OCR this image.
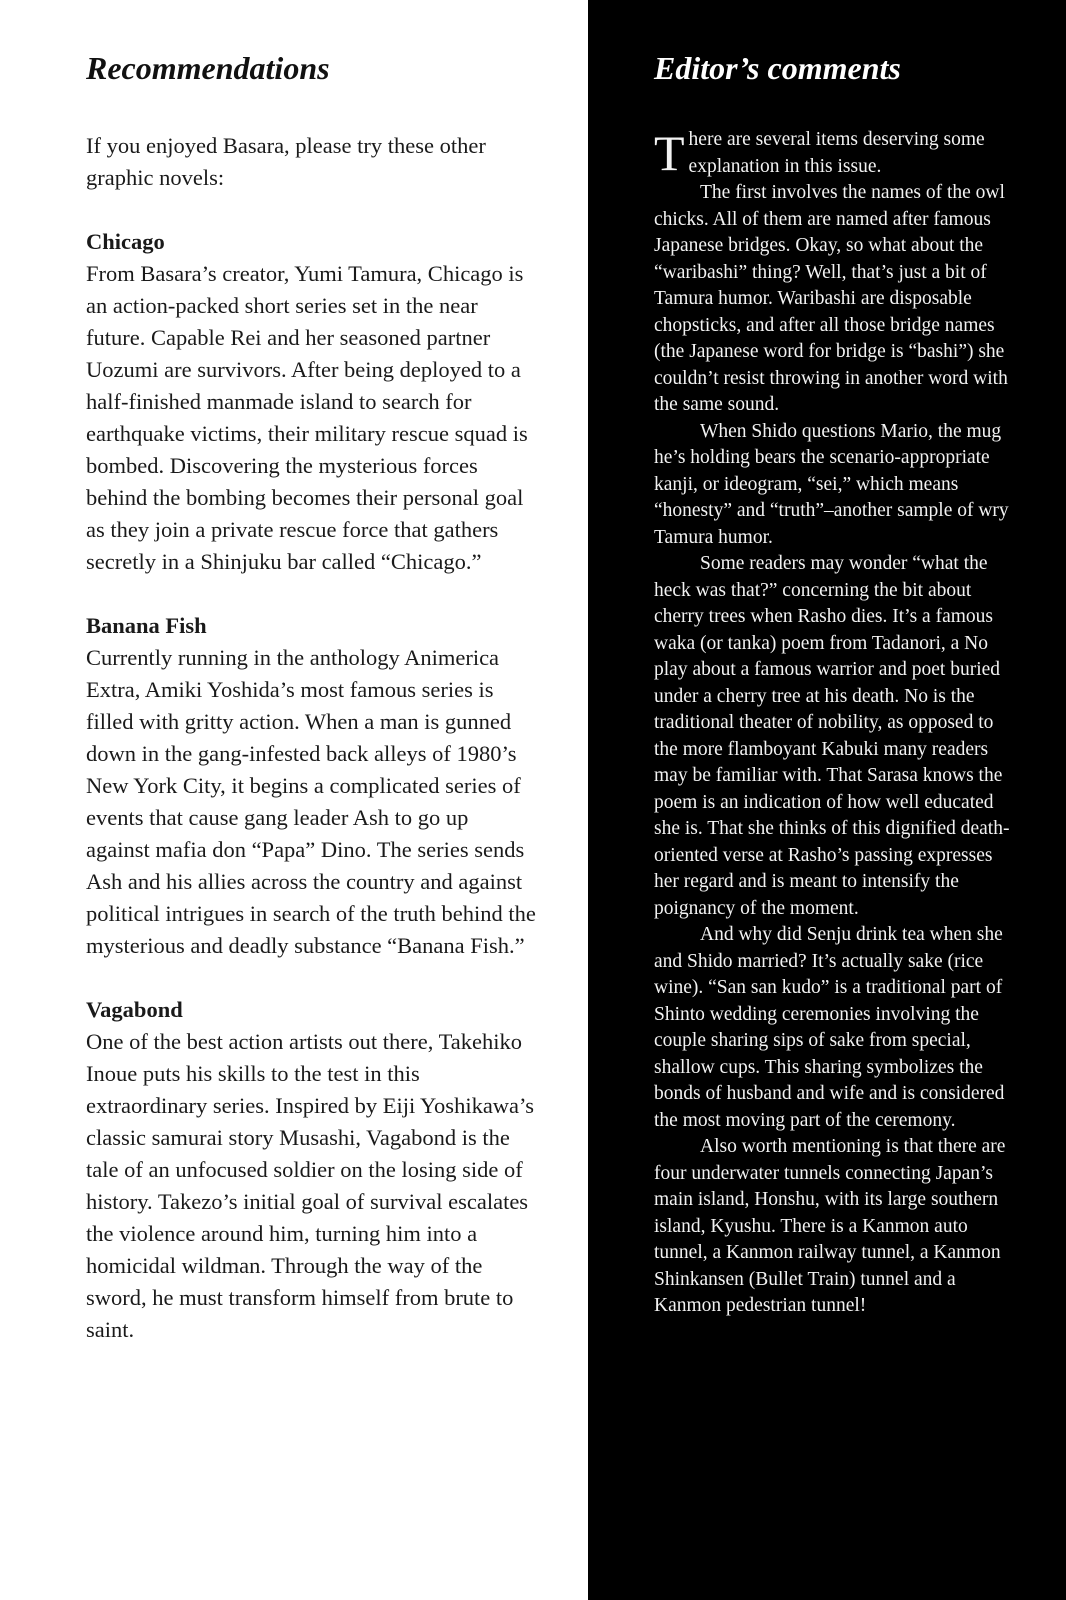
Recommendations

If you enjoyed Basara, please try these other graphic novels:

Chicago

From Basara’s creator, Yumi Tamura, Chicago is an action-packed short series set in the near future. Capable Rei and her seasoned partner Uozumi are survivors. After being deployed to a half-finished manmade island to search for earthquake victims, their military rescue squad is bombed. Discovering the mysterious forces behind the bombing becomes their personal goal as they join a private rescue force that gathers secretly in a Shinjuku bar called “Chicago.”

Banana Fish

Currently running in the anthology Animerica Extra, Amiki Yoshida’s most famous series is filled with gritty action. When a man is gunned down in the gang-infested back alleys of 1980’s New York City, it begins a complicated series of events that cause gang leader Ash to go up against mafia don “Papa” Dino. The series sends Ash and his allies across the country and against political intrigues in search of the truth behind the mysterious and deadly substance “Banana Fish.”

Vagabond

One of the best action artists out there, Takehiko Inoue puts his skills to the test in this extraordinary series. Inspired by Eiji Yoshikawa’s classic samurai story Musashi, Vagabond is the tale of an unfocused soldier on the losing side of history. Takezo’s initial goal of survival escalates the violence around him, turning him into a homicidal wildman. Through the way of the sword, he must transform himself from brute to saint.

Editor’s comments

There are several items deserving some explanation in this issue.

The first involves the names of the owl chicks. All of them are named after famous Japanese bridges. Okay, so what about the “waribashi” thing? Well, that’s just a bit of Tamura humor. Waribashi are disposable chopsticks, and after all those bridge names (the Japanese word for bridge is “bashi”) she couldn’t resist throwing in another word with the same sound.

When Shido questions Mario, the mug he’s holding bears the scenario-appropriate kanji, or ideogram, “sei,” which means “honesty” and “truth”–another sample of wry Tamura humor.

Some readers may wonder “what the heck was that?” concerning the bit about cherry trees when Rasho dies. It’s a famous waka (or tanka) poem from Tadanori, a No play about a famous warrior and poet buried under a cherry tree at his death. No is the traditional theater of nobility, as opposed to the more flamboyant Kabuki many readers may be familiar with. That Sarasa knows the poem is an indication of how well educated she is. That she thinks of this dignified death-oriented verse at Rasho’s passing expresses her regard and is meant to intensify the poignancy of the moment.

And why did Senju drink tea when she and Shido married? It’s actually sake (rice wine). “San san kudo” is a traditional part of Shinto wedding ceremonies involving the couple sharing sips of sake from special, shallow cups. This sharing symbolizes the bonds of husband and wife and is considered the most moving part of the ceremony.

Also worth mentioning is that there are four underwater tunnels connecting Japan’s main island, Honshu, with its large southern island, Kyushu. There is a Kanmon auto tunnel, a Kanmon railway tunnel, a Kanmon Shinkansen (Bullet Train) tunnel and a Kanmon pedestrian tunnel!
